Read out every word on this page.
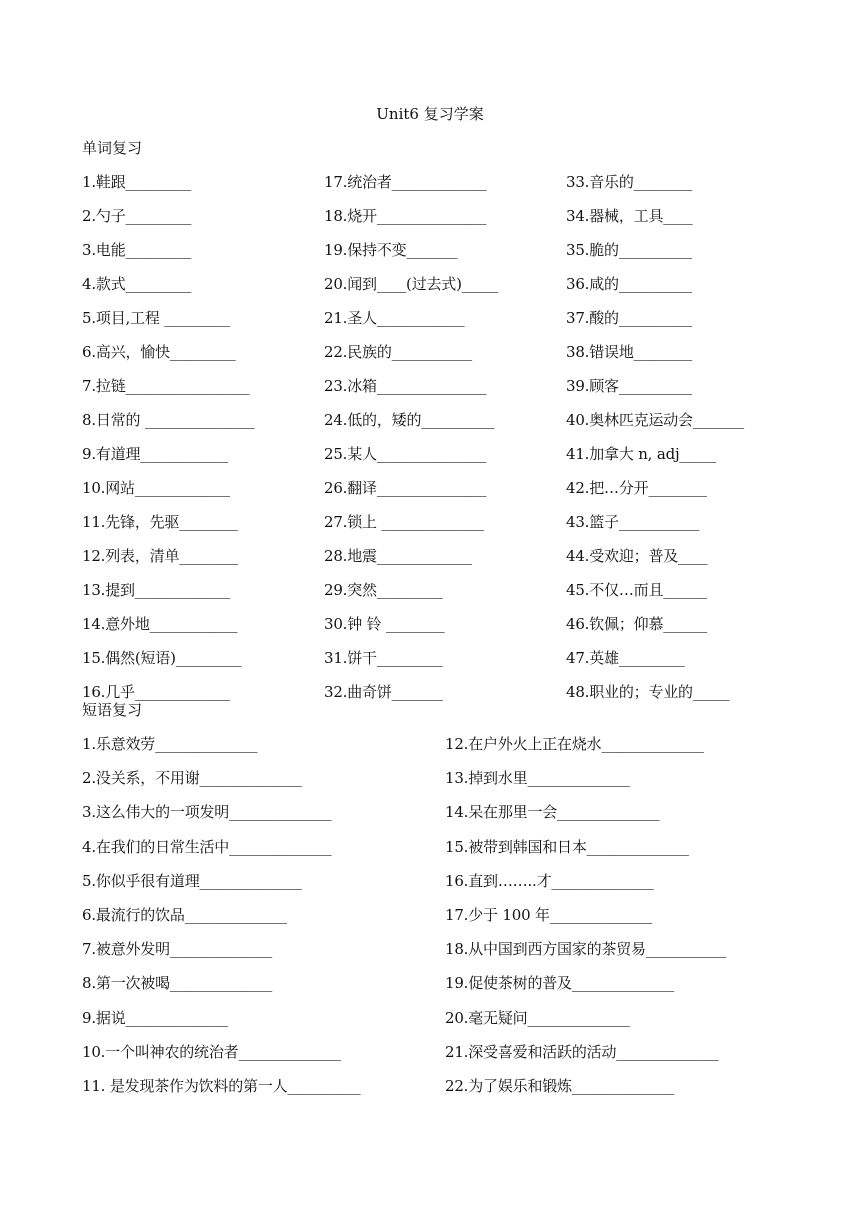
Unit6 复习学案
单词复习
1.鞋跟_________
2.勺子_________
3.电能_________
4.款式_________
5.项目,工程 _________
6.高兴，愉快_________
7.拉链_________________
8.日常的 _______________
9.有道理____________
10.网站_____________
11.先锋，先驱________
12.列表，清单________
13.提到_____________
14.意外地____________
15.偶然(短语)_________
16.几乎_____________
17.统治者_____________
18.烧开_______________
19.保持不变_______
20.闻到____(过去式)_____
21.圣人____________
22.民族的___________
23.冰箱_______________
24.低的，矮的__________
25.某人_______________
26.翻译_______________
27.锁上 ______________
28.地震_____________
29.突然_________
30.钟 铃 ________
31.饼干_________
32.曲奇饼_______
33.音乐的________
34.器械，工具____
35.脆的__________
36.咸的__________
37.酸的__________
38.错误地________
39.顾客__________
40.奥林匹克运动会_______
41.加拿大 n, adj_____
42.把…分开________
43.篮子___________
44.受欢迎；普及____
45.不仅…而且______
46.钦佩；仰慕______
47.英雄_________
48.职业的；专业的_____
短语复习
1.乐意效劳______________
2.没关系，不用谢______________
3.这么伟大的一项发明______________
4.在我们的日常生活中______________
5.你似乎很有道理______________
6.最流行的饮品______________
7.被意外发明______________
8.第一次被喝______________
9.据说______________
10.一个叫神农的统治者______________
11. 是发现茶作为饮料的第一人__________
12.在户外火上正在烧水______________
13.掉到水里______________
14.呆在那里一会______________
15.被带到韩国和日本______________
16.直到……..才______________
17.少于 100 年______________
18.从中国到西方国家的茶贸易___________
19.促使茶树的普及______________
20.毫无疑问______________
21.深受喜爱和活跃的活动______________
22.为了娱乐和锻炼______________
